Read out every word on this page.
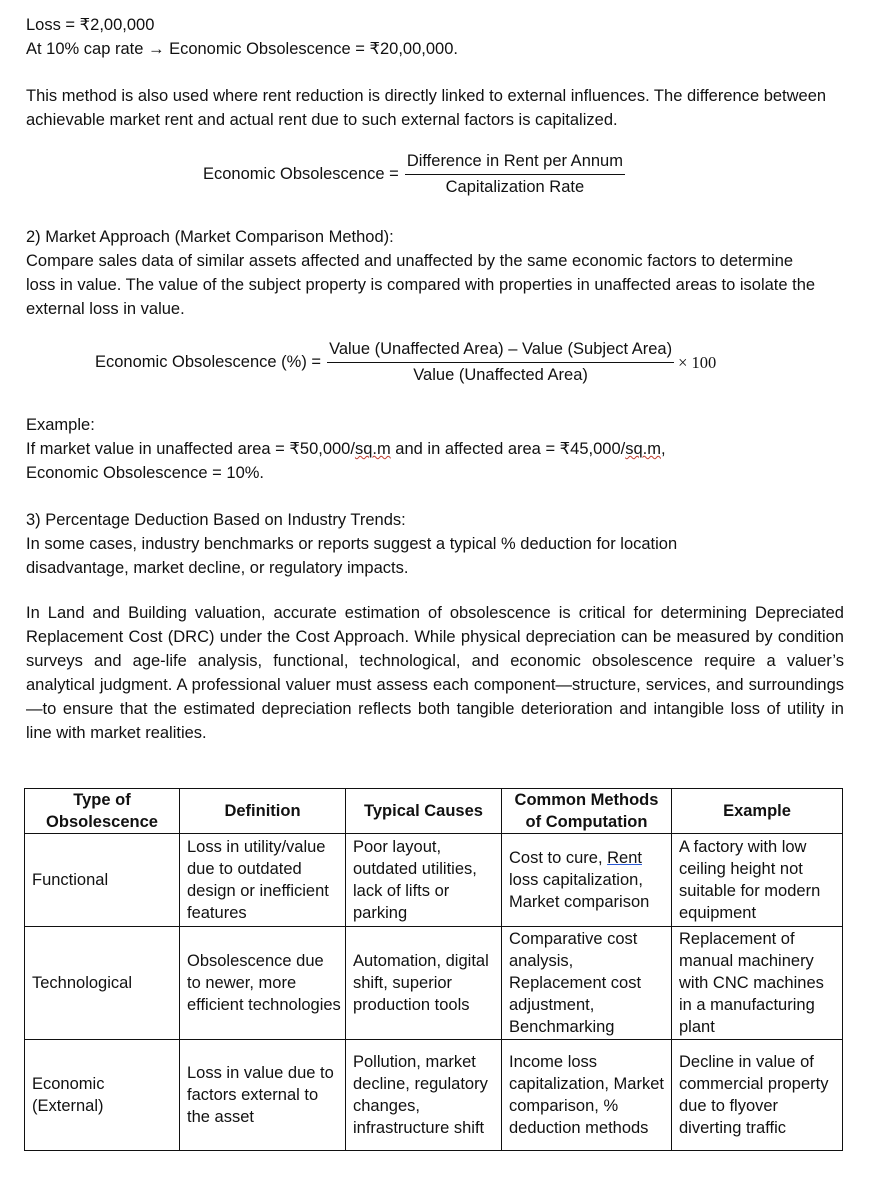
Loss = ₹2,00,000
At 10% cap rate → Economic Obsolescence = ₹20,00,000.
This method is also used where rent reduction is directly linked to external influences. The difference between achievable market rent and actual rent due to such external factors is capitalized.
Economic Obsolescence = $\frac{\text{Difference in Rent per Annum}}{\text{Capitalization Rate}}$
2) Market Approach (Market Comparison Method):
Compare sales data of similar assets affected and unaffected by the same economic factors to determine loss in value. The value of the subject property is compared with properties in unaffected areas to isolate the external loss in value.
Economic Obsolescence (%) = $\frac{\text{Value (Unaffected Area) – Value (Subject Area)}}{\text{Value (Unaffected Area)}} \times 100$
Example:
If market value in unaffected area = ₹50,000/sq.m and in affected area = ₹45,000/sq.m,
Economic Obsolescence = 10%.
3) Percentage Deduction Based on Industry Trends:
In some cases, industry benchmarks or reports suggest a typical % deduction for location disadvantage, market decline, or regulatory impacts.
In Land and Building valuation, accurate estimation of obsolescence is critical for determining Depreciated Replacement Cost (DRC) under the Cost Approach. While physical depreciation can be measured by condition surveys and age-life analysis, functional, technological, and economic obsolescence require a valuer’s analytical judgment. A professional valuer must assess each component—structure, services, and surroundings—to ensure that the estimated depreciation reflects both tangible deterioration and intangible loss of utility in line with market realities.
Type of Obsolescence	Definition	Typical Causes	Common Methods of Computation	Example
Functional	Loss in utility/value due to outdated design or inefficient features	Poor layout, outdated utilities, lack of lifts or parking	Cost to cure, Rent loss capitalization, Market comparison	A factory with low ceiling height not suitable for modern equipment
Technological	Obsolescence due to newer, more efficient technologies	Automation, digital shift, superior production tools	Comparative cost analysis, Replacement cost adjustment, Benchmarking	Replacement of manual machinery with CNC machines in a manufacturing plant
Economic (External)	Loss in value due to factors external to the asset	Pollution, market decline, regulatory changes, infrastructure shift	Income loss capitalization, Market comparison, % deduction methods	Decline in value of commercial property due to flyover diverting traffic
